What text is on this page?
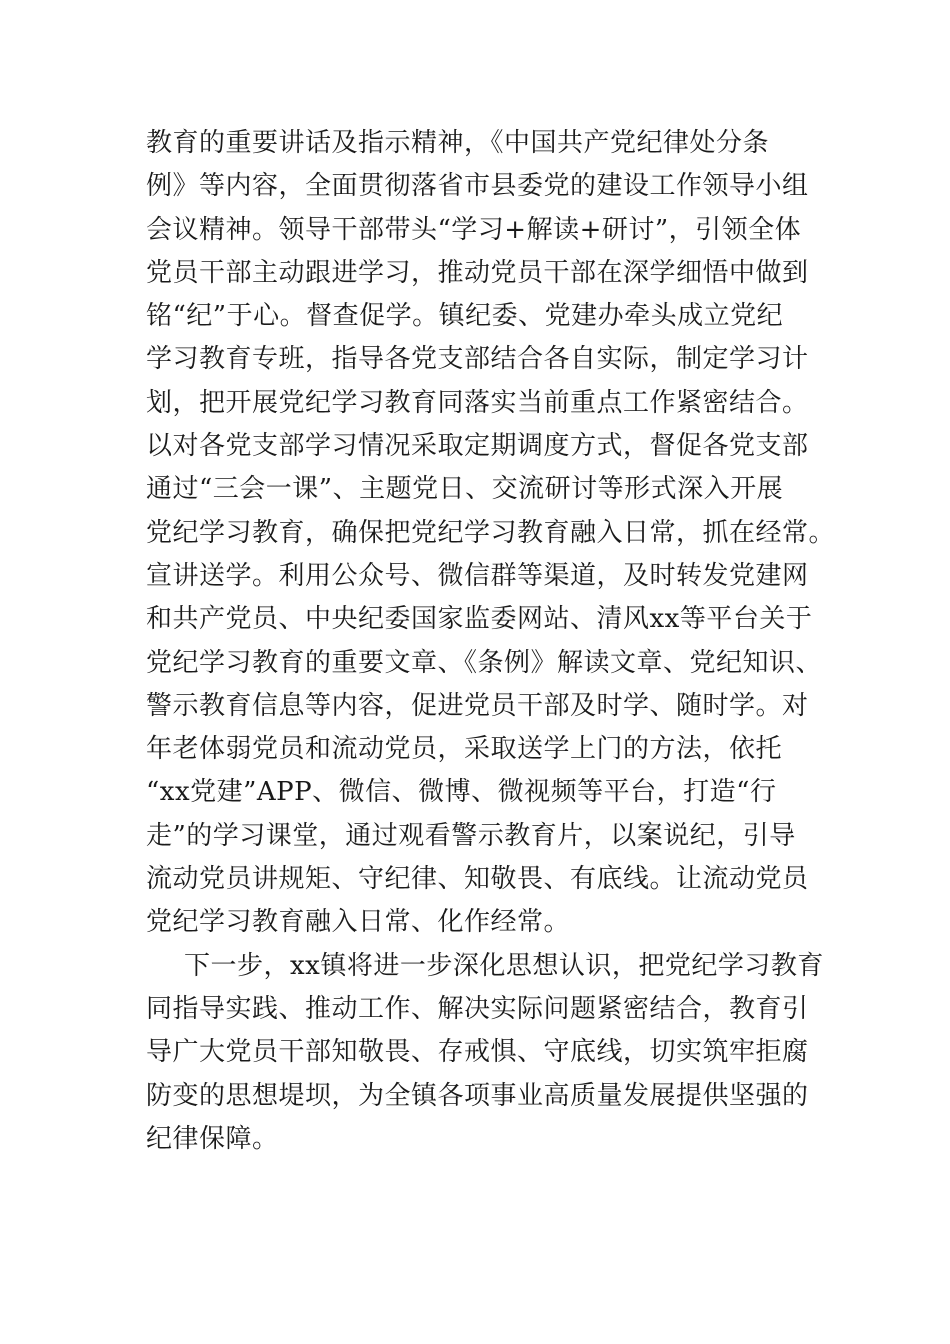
教育的重要讲话及指示精神，《中国共产党纪律处分条
例》等内容，全面贯彻落省市县委党的建设工作领导小组
会议精神。领导干部带头“学习+解读+研讨”，引领全体
党员干部主动跟进学习，推动党员干部在深学细悟中做到
铭“纪”于心。督查促学。镇纪委、党建办牵头成立党纪
学习教育专班，指导各党支部结合各自实际，制定学习计
划，把开展党纪学习教育同落实当前重点工作紧密结合。
以对各党支部学习情况采取定期调度方式，督促各党支部
通过“三会一课”、主题党日、交流研讨等形式深入开展
党纪学习教育，确保把党纪学习教育融入日常，抓在经常。
宣讲送学。利用公众号、微信群等渠道，及时转发党建网
和共产党员、中央纪委国家监委网站、清风xx等平台关于
党纪学习教育的重要文章、《条例》解读文章、党纪知识、
警示教育信息等内容，促进党员干部及时学、随时学。对
年老体弱党员和流动党员，采取送学上门的方法，依托
“xx党建”APP、微信、微博、微视频等平台，打造“行
走”的学习课堂，通过观看警示教育片，以案说纪，引导
流动党员讲规矩、守纪律、知敬畏、有底线。让流动党员
党纪学习教育融入日常、化作经常。
下一步，xx镇将进一步深化思想认识，把党纪学习教育
同指导实践、推动工作、解决实际问题紧密结合，教育引
导广大党员干部知敬畏、存戒惧、守底线，切实筑牢拒腐
防变的思想堤坝，为全镇各项事业高质量发展提供坚强的
纪律保障。
